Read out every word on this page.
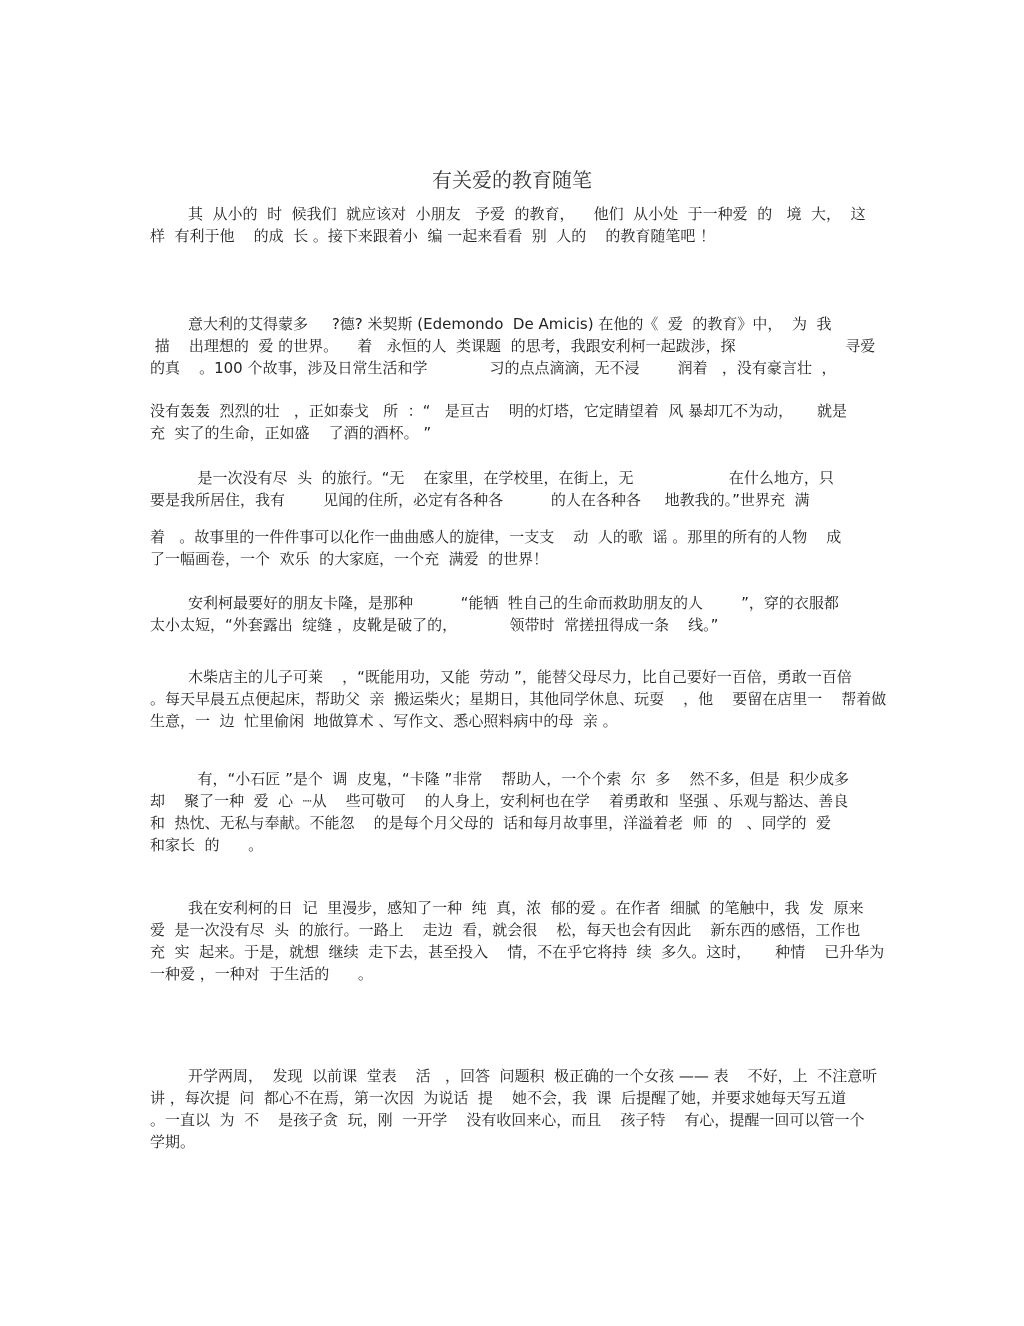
有关爱的教育随笔
其  从小的  时  候我们  就应该对  小朋友   予爱  的教育，    他们  从小处  于一种爱  的   境  大，  这
样  有利于他    的成  长 。接下来跟着小  编 一起来看看  别  人的    的教育随笔吧 ！
意大利的艾得蒙多     ?德? 米契斯 (Edemondo  De Amicis) 在他的《  爱  的教育》中，  为  我
描    出理想的  爱 的世界。    着   永恒的人  类课题  的思考，我跟安利柯一起跋涉，探                       寻爱
的真    。100 个故事，涉及日常生活和学             习的点点滴滴，无不浸        润着   ，没有豪言壮  ，
没有轰轰  烈烈的壮   ，正如泰戈   所  ：“   是亘古    明的灯塔，它定睛望着  风 暴却兀不为动，     就是
充  实了的生命，正如盛    了酒的酒杯。 ”
是一次没有尽  头  的旅行。“无    在家里，在学校里，在街上，无                    在什么地方，只
要是我所居住，我有        见闻的住所，必定有各种各          的人在各种各     地教我的。”世界充  满
着   。故事里的一件件事可以化作一曲曲感人的旋律，一支支    动  人的歌  谣 。那里的所有的人物    成
了一幅画卷，一个  欢乐  的大家庭，一个充  满爱  的世界！
安利柯最要好的朋友卡隆，是那种          “能牺  牲自己的生命而救助朋友的人        ”，穿的衣服都
太小太短，“外套露出  绽缝 ，皮靴是破了的，           领带时  常搓扭得成一条    线。”
木柴店主的儿子可莱    ，“既能用功，又能  劳动 ”，能替父母尽力，比自己要好一百倍，勇敢一百倍
。每天早晨五点便起床，帮助父  亲  搬运柴火；星期日，其他同学休息、玩耍    ，他    要留在店里一    帮着做
生意，一  边  忙里偷闲  地做算术 、写作文、悉心照料病中的母  亲 。
有，“小石匠 ”是个  调  皮鬼，“卡隆 ”非常    帮助人，一个个索  尔  多    然不多，但是  积少成多
却    聚了一种  爱  心  ┈从    些可敬可    的人身上，安利柯也在学    着勇敢和  坚强 、乐观与豁达、善良
和  热忱、无私与奉献。不能忽    的是每个月父母的  话和每月故事里，洋溢着老  师  的   、同学的  爱
和家长  的      。
我在安利柯的日  记  里漫步，感知了一种  纯  真，浓  郁的爱 。在作者  细腻  的笔触中，我  发  原来
爱  是一次没有尽  头  的旅行。一路上    走边  看，就会很    松，每天也会有因此    新东西的感悟，工作也
充  实  起来。于是，就想  继续  走下去，甚至投入    情，不在乎它将持  续  多久。这时，     种情    已升华为
一种爱 ，一种对  于生活的      。
开学两周，  发现  以前课  堂表    活   ，回答  问题积  极正确的一个女孩 —— 表    不好，上  不注意听
讲 ，每次提  问  都心不在焉，第一次因  为说话  提    她不会，我  课  后提醒了她，并要求她每天写五道
。一直以  为  不    是孩子贪  玩，刚  一开学    没有收回来心，而且    孩子特    有心，提醒一回可以管一个
学期。
